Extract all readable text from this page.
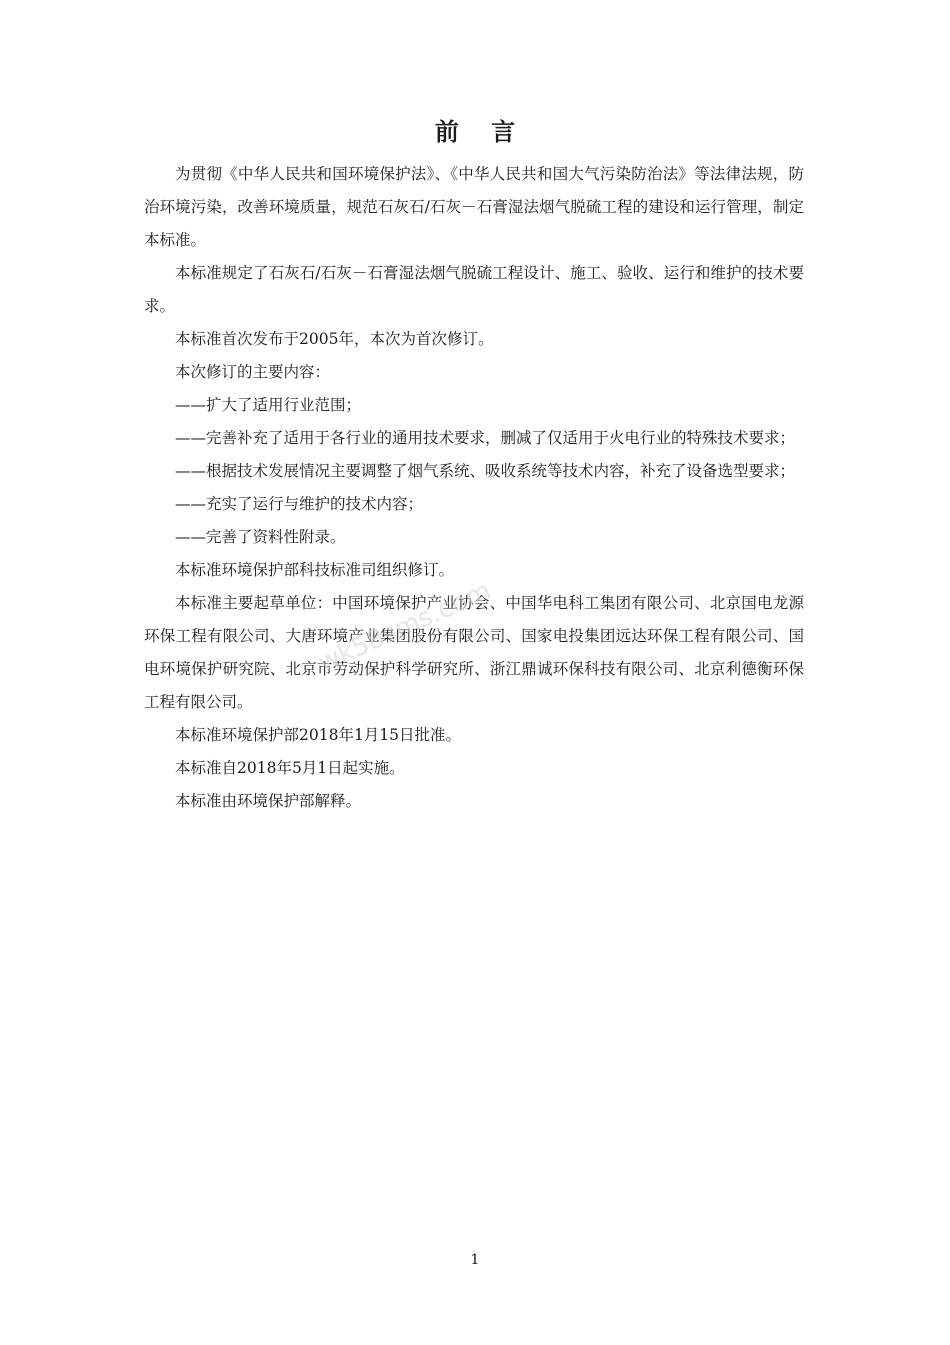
前 言

为贯彻《中华人民共和国环境保护法》、《中华人民共和国大气污染防治法》等法律法规，防治环境污染，改善环境质量，规范石灰石/石灰－石膏湿法烟气脱硫工程的建设和运行管理，制定本标准。

本标准规定了石灰石/石灰－石膏湿法烟气脱硫工程设计、施工、验收、运行和维护的技术要求。

本标准首次发布于2005年，本次为首次修订。

本次修订的主要内容：

——扩大了适用行业范围；

——完善补充了适用于各行业的通用技术要求，删减了仅适用于火电行业的特殊技术要求；

——根据技术发展情况主要调整了烟气系统、吸收系统等技术内容，补充了设备选型要求；

——充实了运行与维护的技术内容；

——完善了资料性附录。

本标准环境保护部科技标准司组织修订。

本标准主要起草单位：中国环境保护产业协会、中国华电科工集团有限公司、北京国电龙源环保工程有限公司、大唐环境产业集团股份有限公司、国家电投集团远达环保工程有限公司、国电环境保护研究院、北京市劳动保护科学研究所、浙江鼎诚环保科技有限公司、北京利德衡环保工程有限公司。

本标准环境保护部2018年1月15日批准。

本标准自2018年5月1日起实施。

本标准由环境保护部解释。

wk58sms.com
1
